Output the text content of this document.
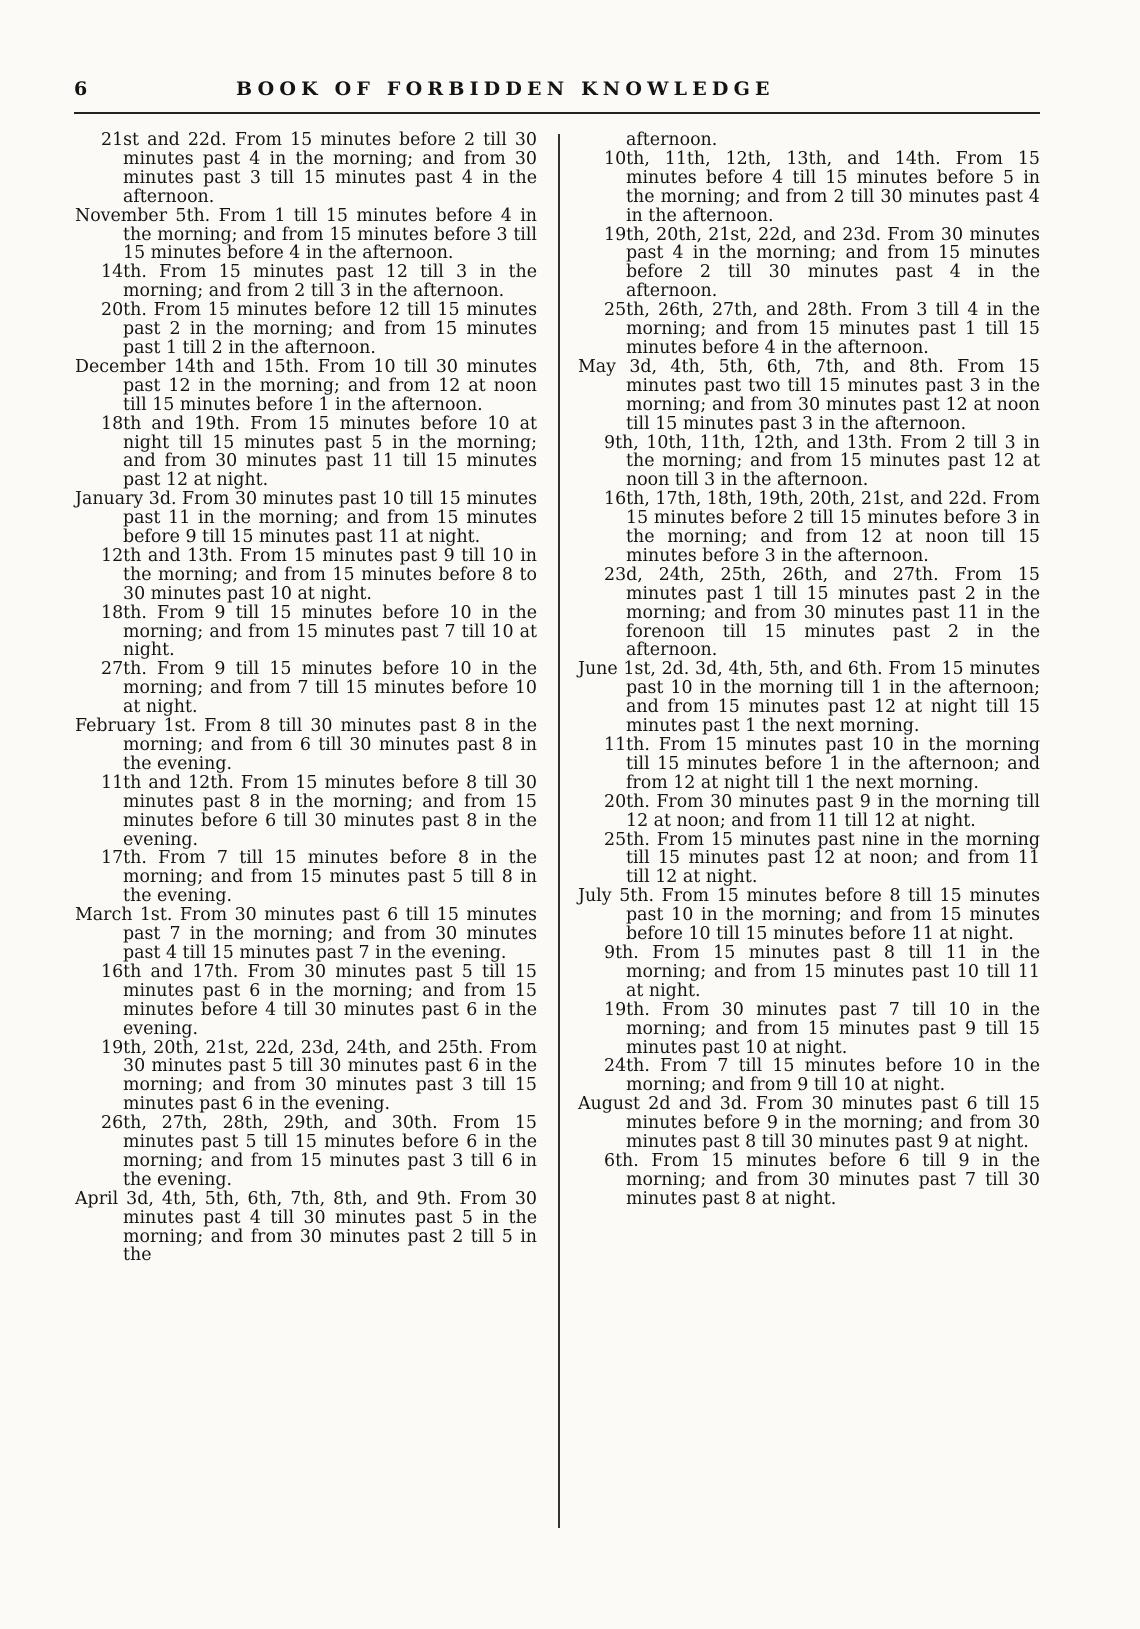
6	BOOK OF FORBIDDEN KNOWLEDGE

21st and 22d. From 15 minutes before 2 till 30 minutes past 4 in the morning; and from 30 minutes past 3 till 15 minutes past 4 in the afternoon.

November 5th. From 1 till 15 minutes before 4 in the morning; and from 15 minutes before 3 till 15 minutes before 4 in the afternoon.

14th. From 15 minutes past 12 till 3 in the morning; and from 2 till 3 in the afternoon.

20th. From 15 minutes before 12 till 15 minutes past 2 in the morning; and from 15 minutes past 1 till 2 in the afternoon.

December 14th and 15th. From 10 till 30 minutes past 12 in the morning; and from 12 at noon till 15 minutes before 1 in the afternoon.

18th and 19th. From 15 minutes before 10 at night till 15 minutes past 5 in the morning; and from 30 minutes past 11 till 15 minutes past 12 at night.

January 3d. From 30 minutes past 10 till 15 minutes past 11 in the morning; and from 15 minutes before 9 till 15 minutes past 11 at night.

12th and 13th. From 15 minutes past 9 till 10 in the morning; and from 15 minutes before 8 to 30 minutes past 10 at night.

18th. From 9 till 15 minutes before 10 in the morning; and from 15 minutes past 7 till 10 at night.

27th. From 9 till 15 minutes before 10 in the morning; and from 7 till 15 minutes before 10 at night.

February 1st. From 8 till 30 minutes past 8 in the morning; and from 6 till 30 minutes past 8 in the evening.

11th and 12th. From 15 minutes before 8 till 30 minutes past 8 in the morning; and from 15 minutes before 6 till 30 minutes past 8 in the evening.

17th. From 7 till 15 minutes before 8 in the morning; and from 15 minutes past 5 till 8 in the evening.

March 1st. From 30 minutes past 6 till 15 minutes past 7 in the morning; and from 30 minutes past 4 till 15 minutes past 7 in the evening.

16th and 17th. From 30 minutes past 5 till 15 minutes past 6 in the morning; and from 15 minutes before 4 till 30 minutes past 6 in the evening.

19th, 20th, 21st, 22d, 23d, 24th, and 25th. From 30 minutes past 5 till 30 minutes past 6 in the morning; and from 30 minutes past 3 till 15 minutes past 6 in the evening.

26th, 27th, 28th, 29th, and 30th. From 15 minutes past 5 till 15 minutes before 6 in the morning; and from 15 minutes past 3 till 6 in the evening.

April 3d, 4th, 5th, 6th, 7th, 8th, and 9th. From 30 minutes past 4 till 30 minutes past 5 in the morning; and from 30 minutes past 2 till 5 in the

afternoon.

10th, 11th, 12th, 13th, and 14th. From 15 minutes before 4 till 15 minutes before 5 in the morning; and from 2 till 30 minutes past 4 in the afternoon.

19th, 20th, 21st, 22d, and 23d. From 30 minutes past 4 in the morning; and from 15 minutes before 2 till 30 minutes past 4 in the afternoon.

25th, 26th, 27th, and 28th. From 3 till 4 in the morning; and from 15 minutes past 1 till 15 minutes before 4 in the afternoon.

May 3d, 4th, 5th, 6th, 7th, and 8th. From 15 minutes past two till 15 minutes past 3 in the morning; and from 30 minutes past 12 at noon till 15 minutes past 3 in the afternoon.

9th, 10th, 11th, 12th, and 13th. From 2 till 3 in the morning; and from 15 minutes past 12 at noon till 3 in the afternoon.

16th, 17th, 18th, 19th, 20th, 21st, and 22d. From 15 minutes before 2 till 15 minutes before 3 in the morning; and from 12 at noon till 15 minutes before 3 in the afternoon.

23d, 24th, 25th, 26th, and 27th. From 15 minutes past 1 till 15 minutes past 2 in the morning; and from 30 minutes past 11 in the forenoon till 15 minutes past 2 in the afternoon.

June 1st, 2d. 3d, 4th, 5th, and 6th. From 15 minutes past 10 in the morning till 1 in the afternoon; and from 15 minutes past 12 at night till 15 minutes past 1 the next morning.

11th. From 15 minutes past 10 in the morning till 15 minutes before 1 in the afternoon; and from 12 at night till 1 the next morning.

20th. From 30 minutes past 9 in the morning till 12 at noon; and from 11 till 12 at night.

25th. From 15 minutes past nine in the morning till 15 minutes past 12 at noon; and from 11 till 12 at night.

July 5th. From 15 minutes before 8 till 15 minutes past 10 in the morning; and from 15 minutes before 10 till 15 minutes before 11 at night.

9th. From 15 minutes past 8 till 11 in the morning; and from 15 minutes past 10 till 11 at night.

19th. From 30 minutes past 7 till 10 in the morning; and from 15 minutes past 9 till 15 minutes past 10 at night.

24th. From 7 till 15 minutes before 10 in the morning; and from 9 till 10 at night.

August 2d and 3d. From 30 minutes past 6 till 15 minutes before 9 in the morning; and from 30 minutes past 8 till 30 minutes past 9 at night.

6th. From 15 minutes before 6 till 9 in the morning; and from 30 minutes past 7 till 30 minutes past 8 at night.
